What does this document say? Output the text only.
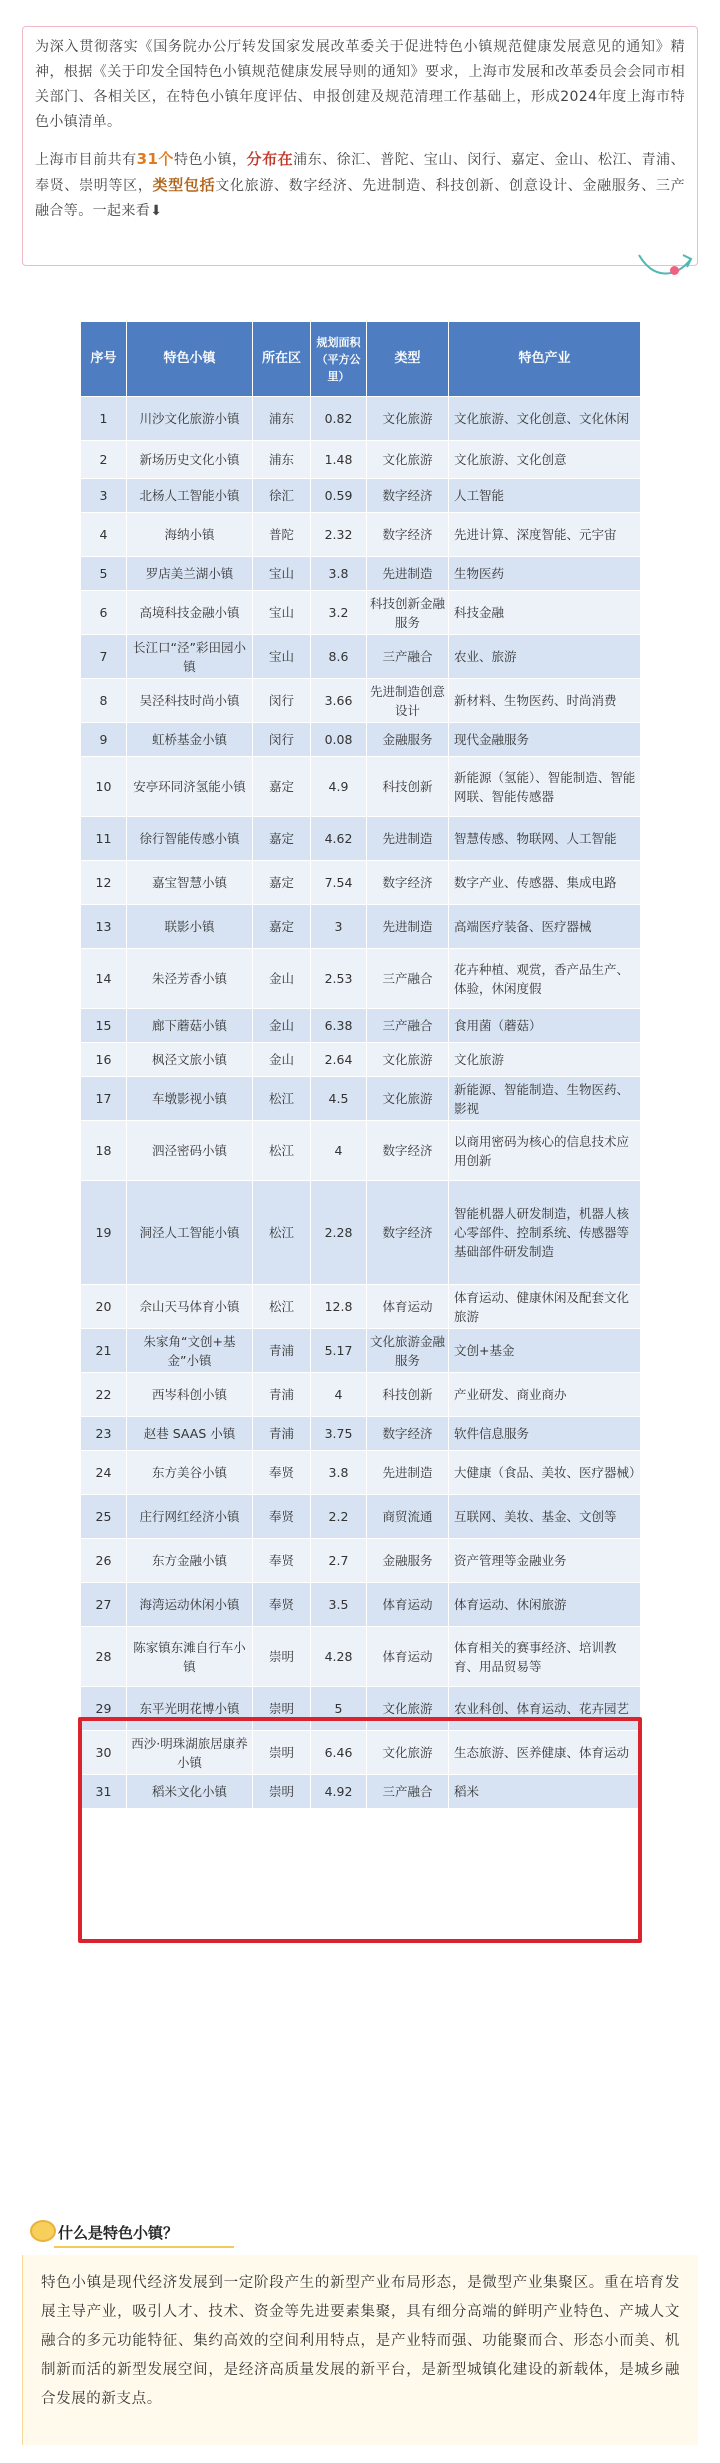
为深入贯彻落实《国务院办公厅转发国家发展改革委关于促进特色小镇规范健康发展意见的通知》精神，根据《关于印发全国特色小镇规范健康发展导则的通知》要求，上海市发展和改革委员会会同市相关部门、各相关区，在特色小镇年度评估、申报创建及规范清理工作基础上，形成2024年度上海市特色小镇清单。

上海市目前共有31个特色小镇，分布在浦东、徐汇、普陀、宝山、闵行、嘉定、金山、松江、青浦、奉贤、崇明等区，类型包括文化旅游、数字经济、先进制造、科技创新、创意设计、金融服务、三产融合等。一起来看⬇

序号	特色小镇	所在区	规划面积（平方公里）	类型	特色产业
1	川沙文化旅游小镇	浦东	0.82	文化旅游	文化旅游、文化创意、文化休闲
2	新场历史文化小镇	浦东	1.48	文化旅游	文化旅游、文化创意
3	北杨人工智能小镇	徐汇	0.59	数字经济	人工智能
4	海纳小镇	普陀	2.32	数字经济	先进计算、深度智能、元宇宙
5	罗店美兰湖小镇	宝山	3.8	先进制造	生物医药
6	高境科技金融小镇	宝山	3.2	科技创新金融服务	科技金融
7	长江口“泾”彩田园小镇	宝山	8.6	三产融合	农业、旅游
8	吴泾科技时尚小镇	闵行	3.66	先进制造创意设计	新材料、生物医药、时尚消费
9	虹桥基金小镇	闵行	0.08	金融服务	现代金融服务
10	安亭环同济氢能小镇	嘉定	4.9	科技创新	新能源（氢能）、智能制造、智能网联、智能传感器
11	徐行智能传感小镇	嘉定	4.62	先进制造	智慧传感、物联网、人工智能
12	嘉宝智慧小镇	嘉定	7.54	数字经济	数字产业、传感器、集成电路
13	联影小镇	嘉定	3	先进制造	高端医疗装备、医疗器械
14	朱泾芳香小镇	金山	2.53	三产融合	花卉种植、观赏，香产品生产、体验，休闲度假
15	廊下蘑菇小镇	金山	6.38	三产融合	食用菌（蘑菇）
16	枫泾文旅小镇	金山	2.64	文化旅游	文化旅游
17	车墩影视小镇	松江	4.5	文化旅游	新能源、智能制造、生物医药、影视
18	泗泾密码小镇	松江	4	数字经济	以商用密码为核心的信息技术应用创新
19	洞泾人工智能小镇	松江	2.28	数字经济	智能机器人研发制造，机器人核心零部件、控制系统、传感器等基础部件研发制造
20	佘山天马体育小镇	松江	12.8	体育运动	体育运动、健康休闲及配套文化旅游
21	朱家角“文创+基金”小镇	青浦	5.17	文化旅游金融服务	文创+基金
22	西岑科创小镇	青浦	4	科技创新	产业研发、商业商办
23	赵巷 SAAS 小镇	青浦	3.75	数字经济	软件信息服务
24	东方美谷小镇	奉贤	3.8	先进制造	大健康（食品、美妆、医疗器械）
25	庄行网红经济小镇	奉贤	2.2	商贸流通	互联网、美妆、基金、文创等
26	东方金融小镇	奉贤	2.7	金融服务	资产管理等金融业务
27	海湾运动休闲小镇	奉贤	3.5	体育运动	体育运动、休闲旅游
28	陈家镇东滩自行车小镇	崇明	4.28	体育运动	体育相关的赛事经济、培训教育、用品贸易等
29	东平光明花博小镇	崇明	5	文化旅游	农业科创、体育运动、花卉园艺
30	西沙·明珠湖旅居康养小镇	崇明	6.46	文化旅游	生态旅游、医养健康、体育运动
31	稻米文化小镇	崇明	4.92	三产融合	稻米
什么是特色小镇？

特色小镇是现代经济发展到一定阶段产生的新型产业布局形态，是微型产业集聚区。重在培育发展主导产业，吸引人才、技术、资金等先进要素集聚，具有细分高端的鲜明产业特色、产城人文融合的多元功能特征、集约高效的空间利用特点，是产业特而强、功能聚而合、形态小而美、机制新而活的新型发展空间，是经济高质量发展的新平台，是新型城镇化建设的新载体，是城乡融合发展的新支点。
